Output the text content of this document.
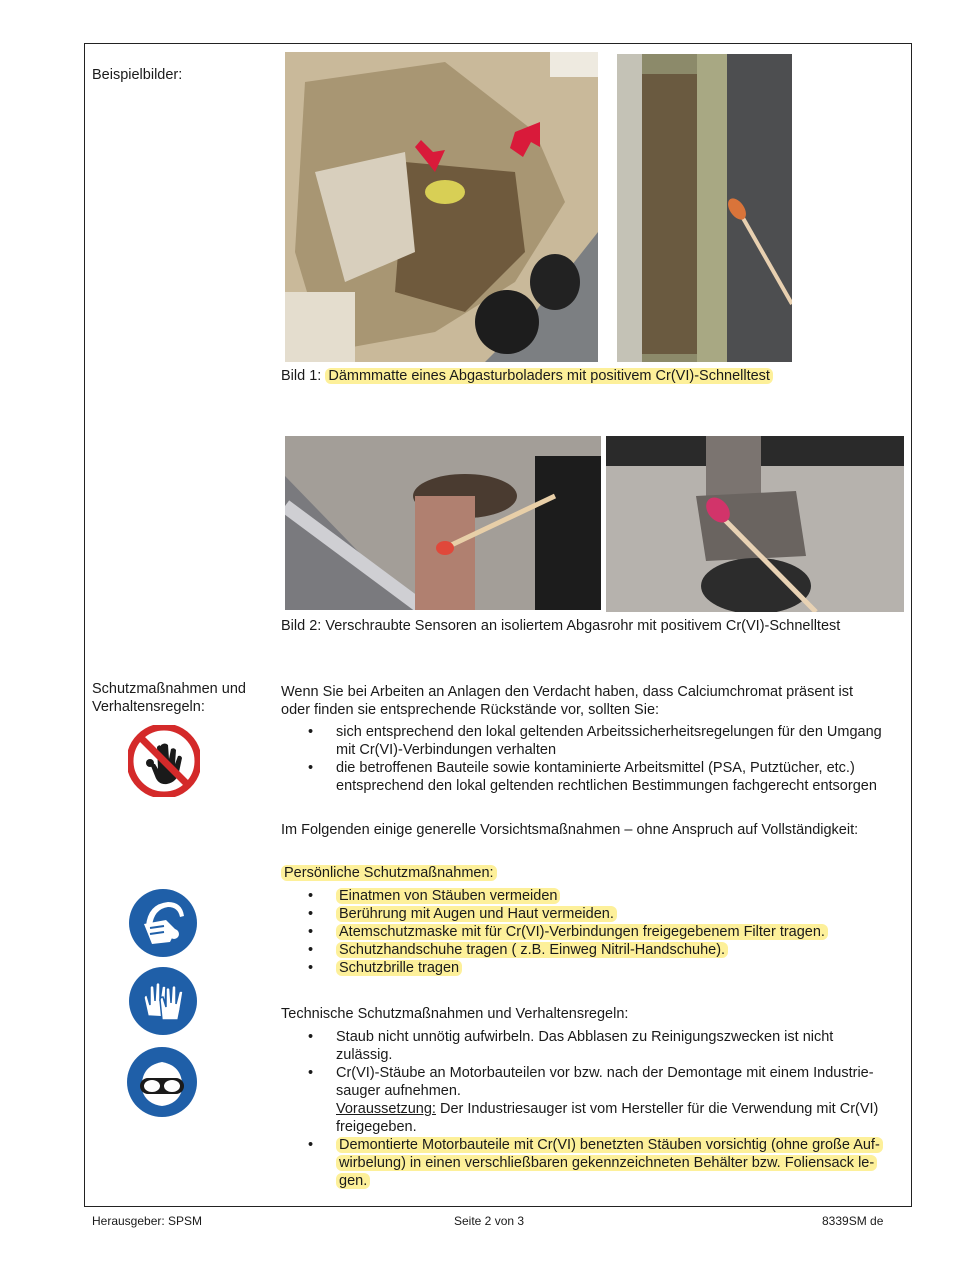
Beispielbilder:
Bild 1: Dämmmatte eines Abgasturboladers mit positivem Cr(VI)-Schnelltest
Bild 2: Verschraubte Sensoren an isoliertem Abgasrohr mit positivem Cr(VI)-Schnelltest
Schutzmaßnahmen und
Verhaltensregeln:
Wenn Sie bei Arbeiten an Anlagen den Verdacht haben, dass Calciumchromat präsent ist
oder finden sie entsprechende Rückstände vor, sollten Sie:
• sich entsprechend den lokal geltenden Arbeitssicherheitsregelungen für den Umgang
mit Cr(VI)-Verbindungen verhalten
• die betroffenen Bauteile sowie kontaminierte Arbeitsmittel (PSA, Putztücher, etc.)
entsprechend den lokal geltenden rechtlichen Bestimmungen fachgerecht entsorgen
Im Folgenden einige generelle Vorsichtsmaßnahmen – ohne Anspruch auf Vollständigkeit:
Persönliche Schutzmaßnahmen:
• Einatmen von Stäuben vermeiden
• Berührung mit Augen und Haut vermeiden.
• Atemschutzmaske mit für Cr(VI)-Verbindungen freigegebenem Filter tragen.
• Schutzhandschuhe tragen ( z.B. Einweg Nitril-Handschuhe).
• Schutzbrille tragen
Technische Schutzmaßnahmen und Verhaltensregeln:
• Staub nicht unnötig aufwirbeln. Das Abblasen zu Reinigungszwecken ist nicht
zulässig.
• Cr(VI)-Stäube an Motorbauteilen vor bzw. nach der Demontage mit einem Industrie-
sauger aufnehmen.
Voraussetzung: Der Industriesauger ist vom Hersteller für die Verwendung mit Cr(VI)
freigegeben.
• Demontierte Motorbauteile mit Cr(VI) benetzten Stäuben vorsichtig (ohne große Auf-
wirbelung) in einen verschließbaren gekennzeichneten Behälter bzw. Foliensack le-
gen.
Herausgeber: SPSM	Seite 2 von 3	8339SM de
